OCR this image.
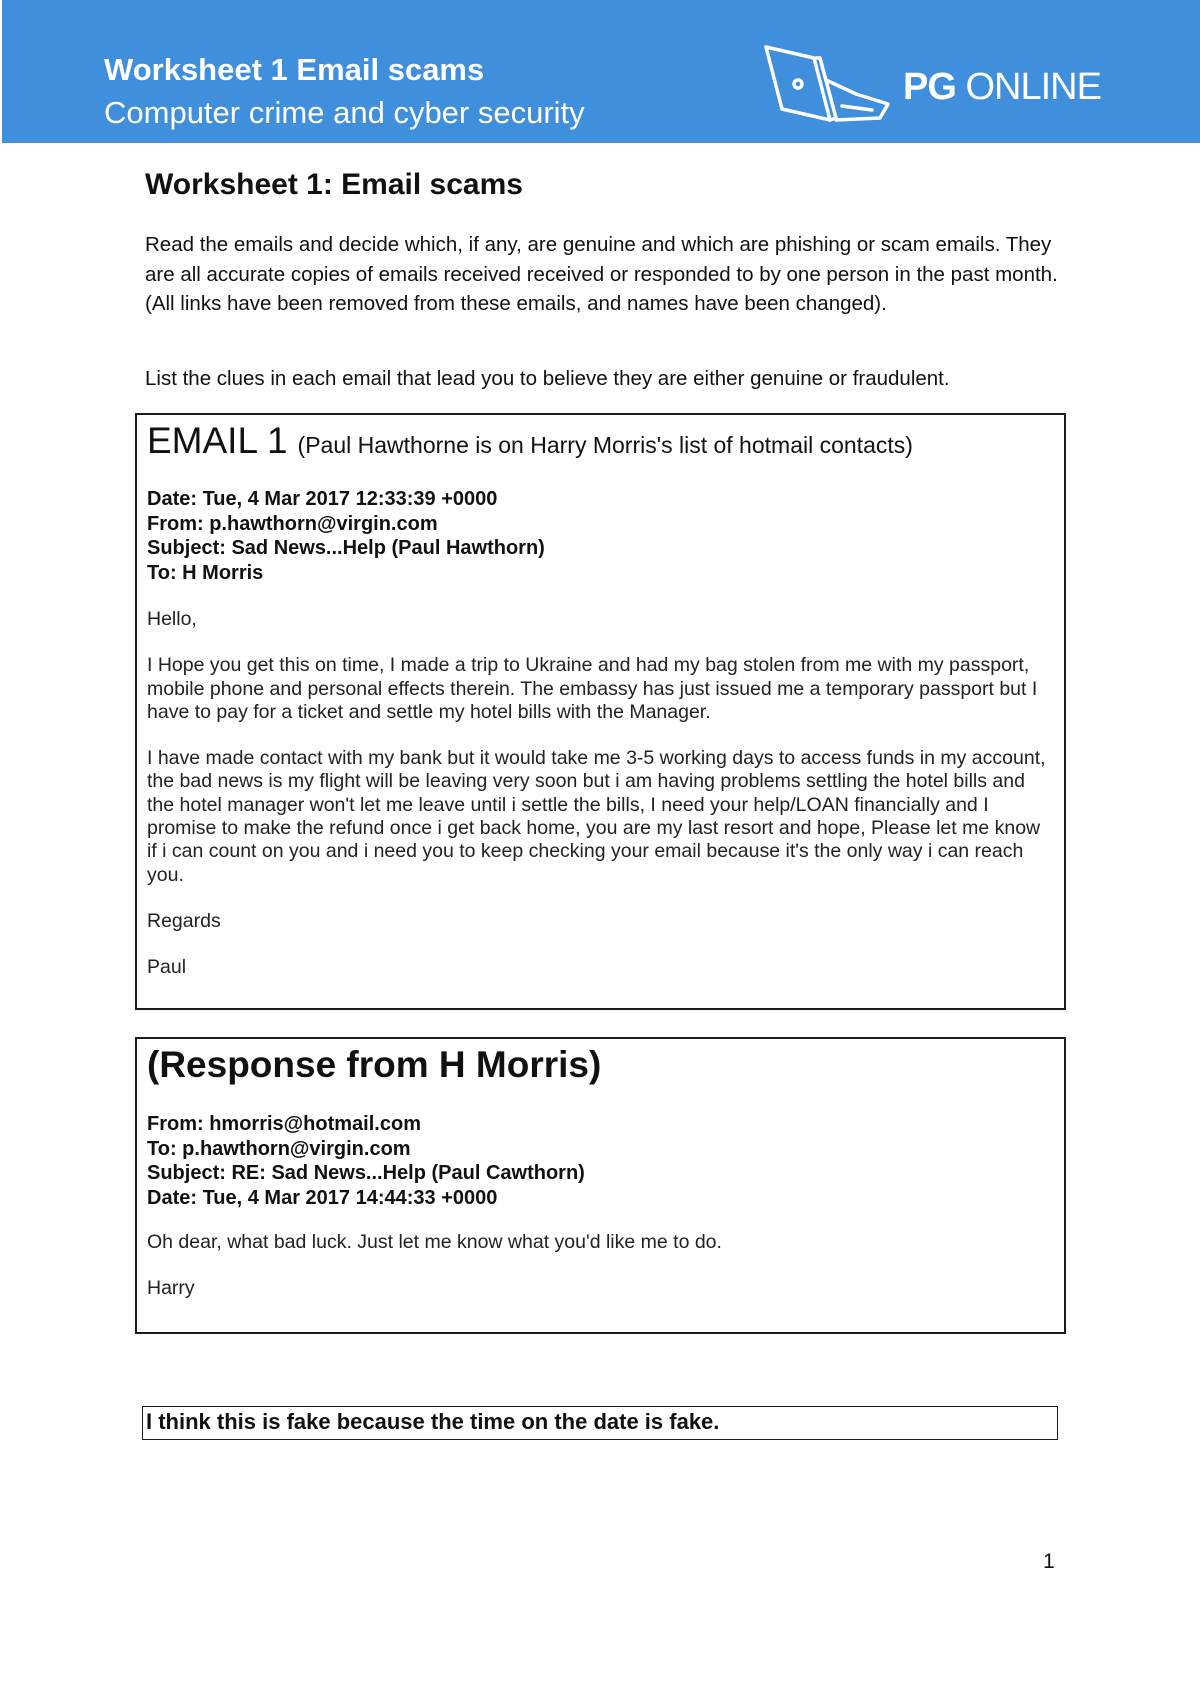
Worksheet 1 Email scams
Computer crime and cyber security
PG ONLINE
Worksheet 1: Email scams

Read the emails and decide which, if any, are genuine and which are phishing or scam emails. They are all accurate copies of emails received received or responded to by one person in the past month. (All links have been removed from these emails, and names have been changed).

List the clues in each email that lead you to believe they are either genuine or fraudulent.

EMAIL 1 (Paul Hawthorne is on Harry Morris's list of hotmail contacts)
Date: Tue, 4 Mar 2017 12:33:39 +0000
From: p.hawthorn@virgin.com
Subject: Sad News...Help (Paul Hawthorn)
To: H Morris

Hello,

I Hope you get this on time, I made a trip to Ukraine and had my bag stolen from me with my passport, mobile phone and personal effects therein. The embassy has just issued me a temporary passport but I have to pay for a ticket and settle my hotel bills with the Manager.

I have made contact with my bank but it would take me 3-5 working days to access funds in my account, the bad news is my flight will be leaving very soon but i am having problems settling the hotel bills and the hotel manager won't let me leave until i settle the bills, I need your help/LOAN financially and I promise to make the refund once i get back home, you are my last resort and hope, Please let me know if i can count on you and i need you to keep checking your email because it's the only way i can reach you.

Regards

Paul

(Response from H Morris)
From: hmorris@hotmail.com
To: p.hawthorn@virgin.com
Subject: RE: Sad News...Help (Paul Cawthorn)
Date: Tue, 4 Mar 2017 14:44:33 +0000

Oh dear, what bad luck. Just let me know what you'd like me to do.

Harry

I think this is fake because the time on the date is fake.
1
